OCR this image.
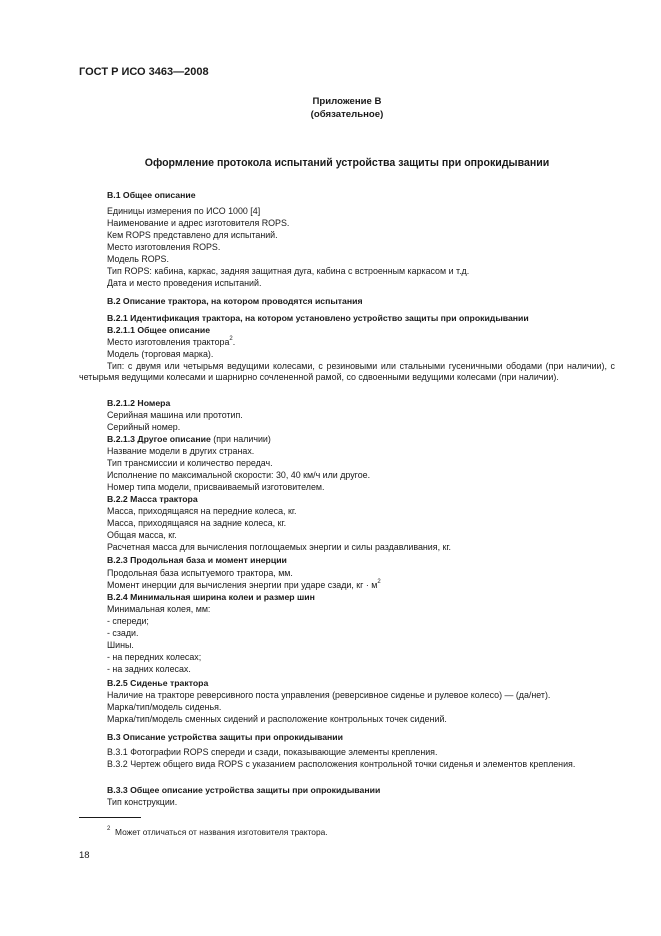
ГОСТ Р ИСО 3463—2008
Приложение В
(обязательное)
Оформление протокола испытаний устройства защиты при опрокидывании
В.1 Общее описание
Единицы измерения по ИСО 1000 [4]
Наименование и адрес изготовителя ROPS.
Кем ROPS представлено для испытаний.
Место изготовления ROPS.
Модель ROPS.
Тип ROPS: кабина, каркас, задняя защитная дуга, кабина с встроенным каркасом и т.д.
Дата и место проведения испытаний.
В.2 Описание трактора, на котором проводятся испытания
В.2.1 Идентификация трактора, на котором установлено устройство защиты при опрокидывании
В.2.1.1 Общее описание
Место изготовления трактора$^2$.
Модель (торговая марка).
Тип: с двумя или четырьмя ведущими колесами, с резиновыми или стальными гусеничными ободами (при наличии), с четырьмя ведущими колесами и шарнирно сочлененной рамой, со сдвоенными ведущими колесами (при наличии).
В.2.1.2 Номера
Серийная машина или прототип.
Серийный номер.
В.2.1.3 Другое описание (при наличии)
Название модели в других странах.
Тип трансмиссии и количество передач.
Исполнение по максимальной скорости: 30, 40 км/ч или другое.
Номер типа модели, присваиваемый изготовителем.
В.2.2 Масса трактора
Масса, приходящаяся на передние колеса, кг.
Масса, приходящаяся на задние колеса, кг.
Общая масса, кг.
Расчетная масса для вычисления поглощаемых энергии и силы раздавливания, кг.
В.2.3 Продольная база и момент инерции
Продольная база испытуемого трактора, мм.
Момент инерции для вычисления энергии при ударе сзади, кг · $м^2$
В.2.4 Минимальная ширина колеи и размер шин
Минимальная колея, мм:
- спереди;
- сзади.
Шины.
- на передних колесах;
- на задних колесах.
В.2.5 Сиденье трактора
Наличие на тракторе реверсивного поста управления (реверсивное сиденье и рулевое колесо) — (да/нет).
Марка/тип/модель сиденья.
Марка/тип/модель сменных сидений и расположение контрольных точек сидений.
В.3 Описание устройства защиты при опрокидывании
В.3.1 Фотографии ROPS спереди и сзади, показывающие элементы крепления.
В.3.2 Чертеж общего вида ROPS с указанием расположения контрольной точки сиденья и элементов крепления.
В.3.3 Общее описание устройства защиты при опрокидывании
Тип конструкции.
$^2$ Может отличаться от названия изготовителя трактора.
18
